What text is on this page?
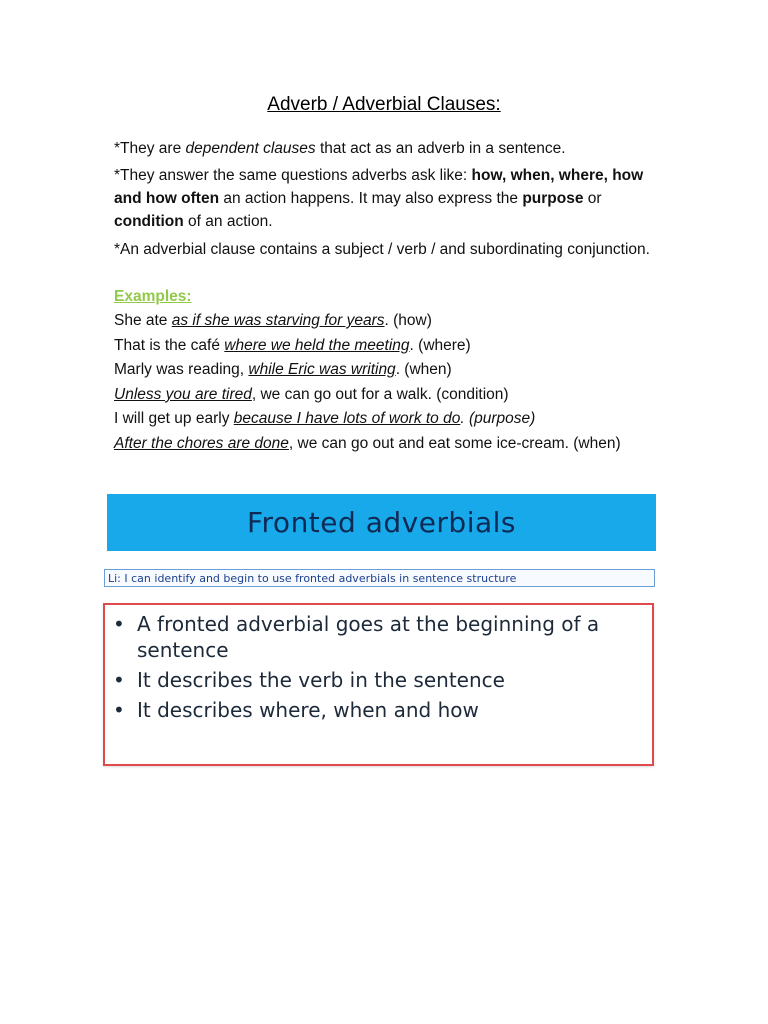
Adverb / Adverbial Clauses:
*They are dependent clauses that act as an adverb in a sentence.
*They answer the same questions adverbs ask like: how, when, where, how and how often an action happens. It may also express the purpose or condition of an action.
*An adverbial clause contains a subject / verb / and subordinating conjunction.
Examples:
She ate as if she was starving for years. (how)
That is the café where we held the meeting. (where)
Marly was reading, while Eric was writing. (when)
Unless you are tired, we can go out for a walk. (condition)
I will get up early because I have lots of work to do. (purpose)
After the chores are done, we can go out and eat some ice-cream. (when)
Fronted adverbials
Li: I can identify and begin to use fronted adverbials in sentence structure
• A fronted adverbial goes at the beginning of a sentence
• It describes the verb in the sentence
• It describes where, when and how
